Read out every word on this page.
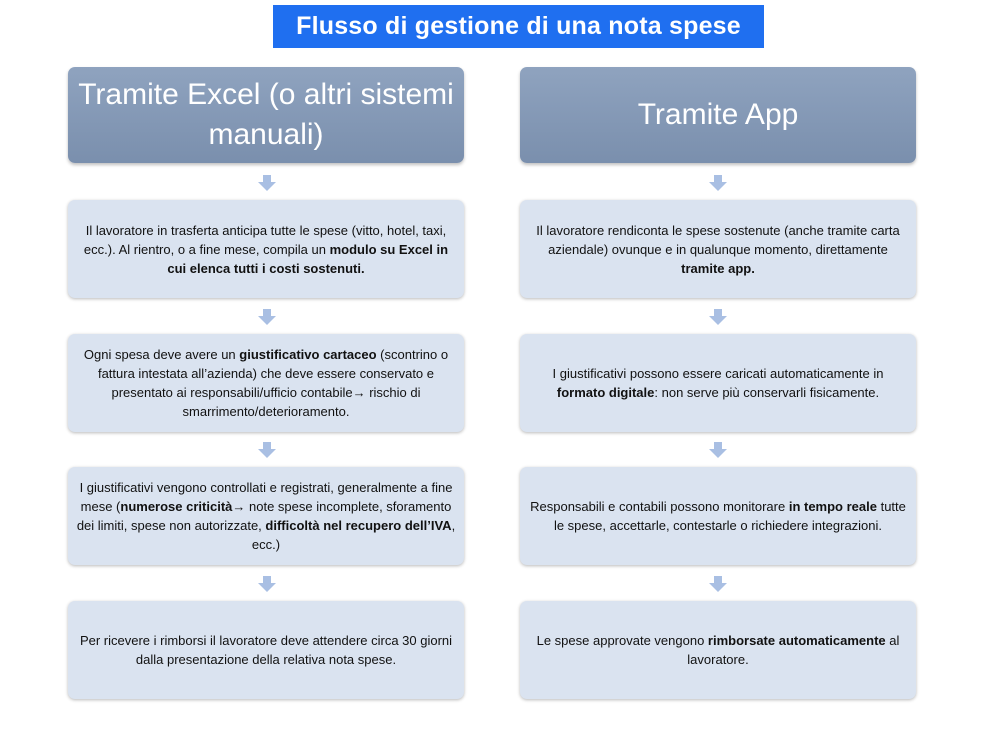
Flusso di gestione di una nota spese
Tramite Excel (o altri sistemi manuali)
Il lavoratore in trasferta anticipa tutte le spese (vitto, hotel, taxi, ecc.). Al rientro, o a fine mese, compila un modulo su Excel in cui elenca tutti i costi sostenuti.
Ogni spesa deve avere un giustificativo cartaceo (scontrino o fattura intestata all’azienda) che deve essere conservato e presentato ai responsabili/ufficio contabile→ rischio di smarrimento/deterioramento.
I giustificativi vengono controllati e registrati, generalmente a fine mese (numerose criticità→ note spese incomplete, sforamento dei limiti, spese non autorizzate, difficoltà nel recupero dell’IVA, ecc.)
Per ricevere i rimborsi il lavoratore deve attendere circa 30 giorni dalla presentazione della relativa nota spese.
Tramite App
Il lavoratore rendiconta le spese sostenute (anche tramite carta aziendale) ovunque e in qualunque momento, direttamente tramite app.
I giustificativi possono essere caricati automaticamente in formato digitale: non serve più conservarli fisicamente.
Responsabili e contabili possono monitorare in tempo reale tutte le spese, accettarle, contestarle o richiedere integrazioni.
Le spese approvate vengono rimborsate automaticamente al lavoratore.
